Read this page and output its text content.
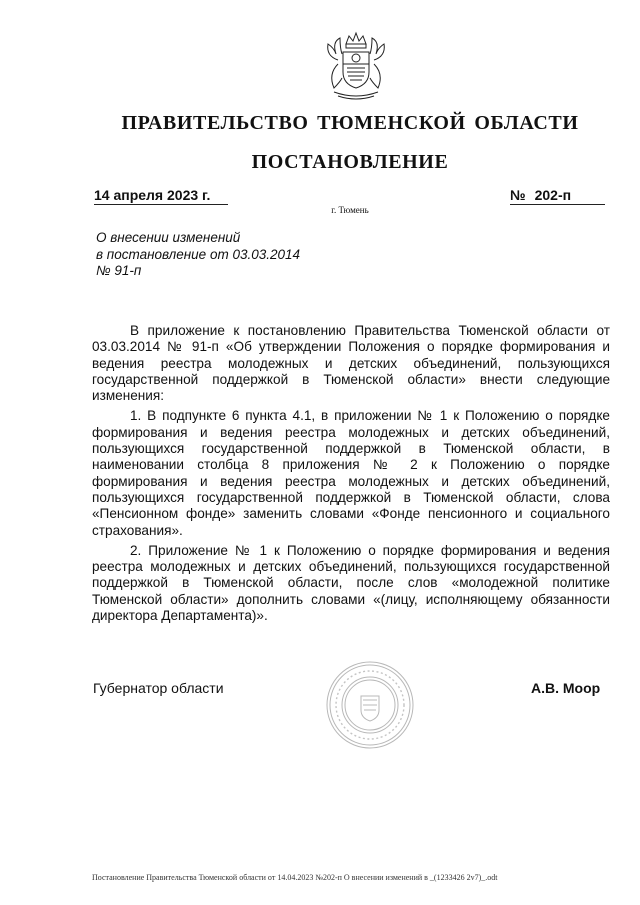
ПРАВИТЕЛЬСТВО ТЮМЕНСКОЙ ОБЛАСТИ
ПОСТАНОВЛЕНИЕ
14 апреля 2023 г.	№ 202-п
г. Тюмень
О внесении изменений
в постановление от 03.03.2014
№ 91-п

В приложение к постановлению Правительства Тюменской области от 03.03.2014 № 91-п «Об утверждении Положения о порядке формирования и ведения реестра молодежных и детских объединений, пользующихся государственной поддержкой в Тюменской области» внести следующие изменения:

1. В подпункте 6 пункта 4.1, в приложении № 1 к Положению о порядке формирования и ведения реестра молодежных и детских объединений, пользующихся государственной поддержкой в Тюменской области, в наименовании столбца 8 приложения № 2 к Положению о порядке формирования и ведения реестра молодежных и детских объединений, пользующихся государственной поддержкой в Тюменской области, слова «Пенсионном фонде» заменить словами «Фонде пенсионного и социального страхования».

2. Приложение № 1 к Положению о порядке формирования и ведения реестра молодежных и детских объединений, пользующихся государственной поддержкой в Тюменской области, после слов «молодежной политике Тюменской области» дополнить словами «(лицу, исполняющему обязанности директора Департамента)».

Губернатор области	А.В. Моор
Постановление Правительства Тюменской области от 14.04.2023 №202-п О внесении изменений в _(1233426 2v7)_.odt
